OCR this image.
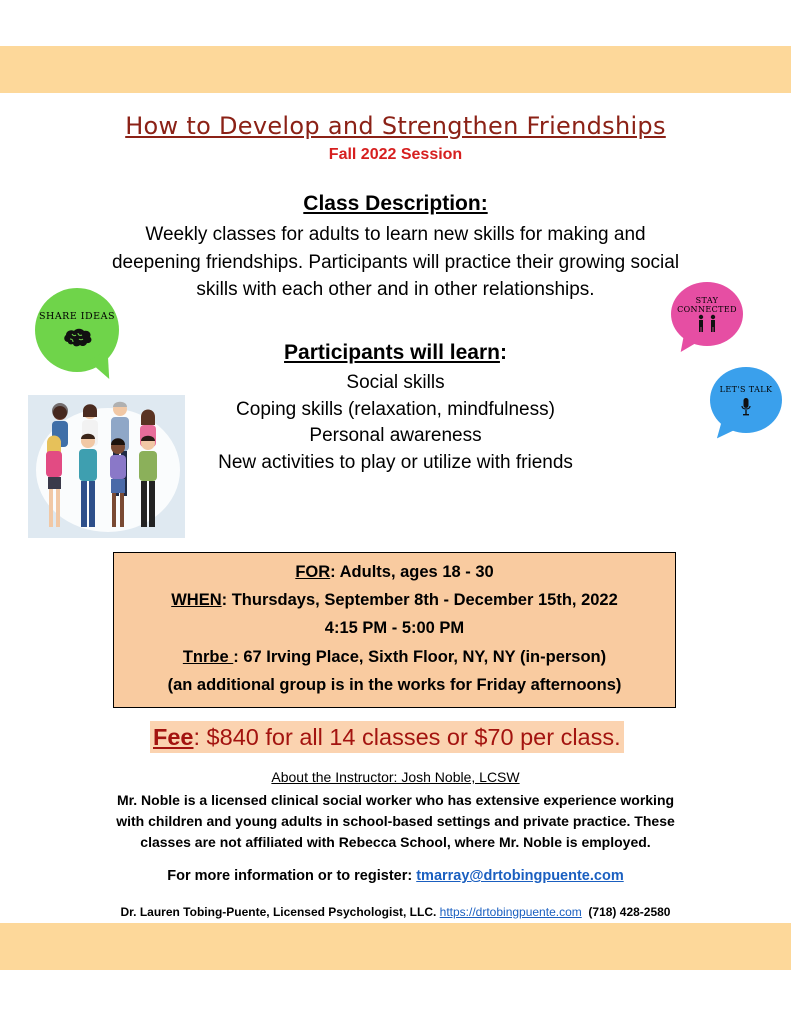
How to Develop and Strengthen Friendships
Fall 2022 Session
Class Description:
Weekly classes for adults to learn new skills for making and
deepening friendships. Participants will practice their growing social
skills with each other and in other relationships.
Participants will learn:
Social skills
Coping skills (relaxation, mindfulness)
Personal awareness
New activities to play or utilize with friends
SHARE IDEAS
STAY
CONNECTED
LET'S TALK
FOR: Adults, ages 18 - 30
WHEN: Thursdays, September 8th - December 15th, 2022
4:15 PM - 5:00 PM
Tnrbe : 67 Irving Place, Sixth Floor, NY, NY (in-person)
(an additional group is in the works for Friday afternoons)
Fee: $840 for all 14 classes or $70 per class.
About the Instructor: Josh Noble, LCSW
Mr. Noble is a licensed clinical social worker who has extensive experience working
with children and young adults in school-based settings and private practice. These
classes are not affiliated with Rebecca School, where Mr. Noble is employed.
For more information or to register: tmarray@drtobingpuente.com
Dr. Lauren Tobing-Puente, Licensed Psychologist, LLC. https://drtobingpuente.com  (718) 428-2580
